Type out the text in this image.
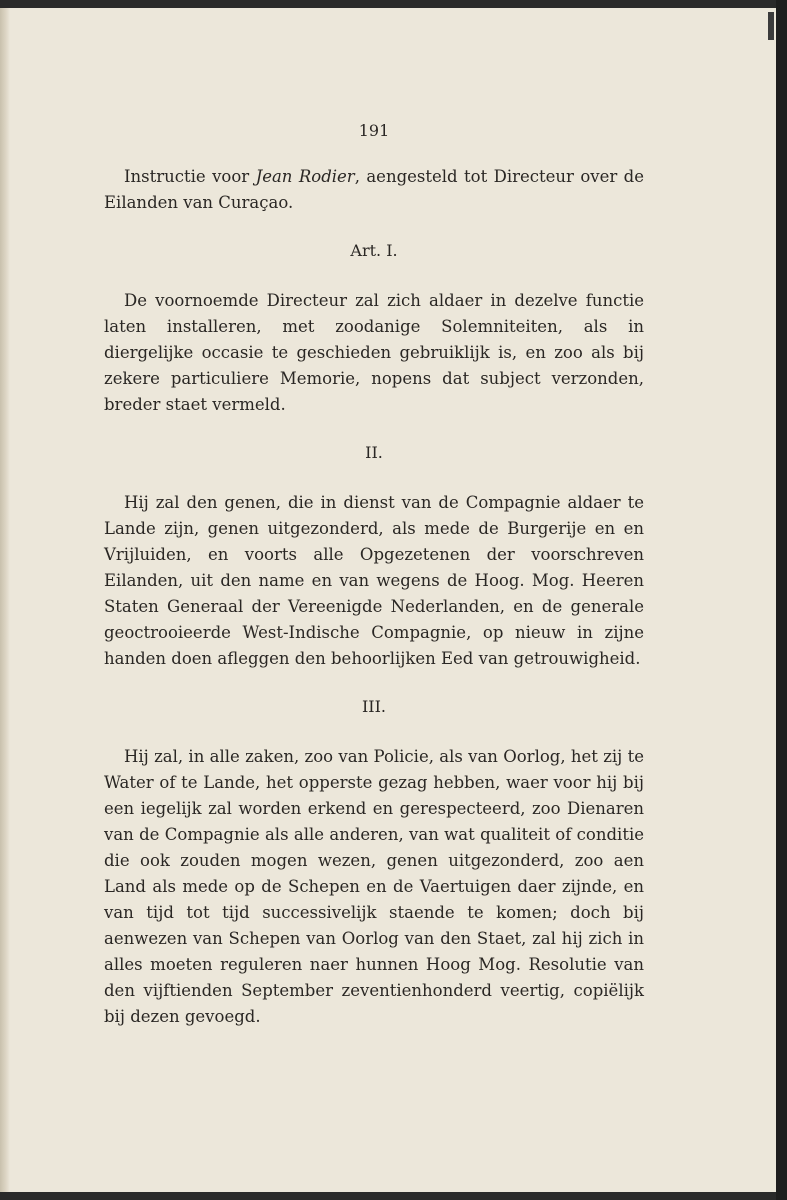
191

Instructie voor Jean Rodier, aengesteld tot Directeur over de Eilanden van Curaçao.

Art. I.

De voornoemde Directeur zal zich aldaer in dezelve functie laten installeren, met zoodanige Solemniteiten, als in diergelijke occasie te geschieden gebruiklijk is, en zoo als bij zekere particuliere Memorie, nopens dat subject verzonden, breder staet vermeld.

II.

Hij zal den genen, die in dienst van de Compagnie aldaer te Lande zijn, genen uitgezonderd, als mede de Burgerije en en Vrijluiden, en voorts alle Opgezetenen der voorschreven Eilanden, uit den name en van wegens de Hoog. Mog. Heeren Staten Generaal der Vereenigde Nederlanden, en de generale geoctrooieerde West-Indische Compagnie, op nieuw in zijne handen doen afleggen den behoorlijken Eed van getrouwigheid.

III.

Hij zal, in alle zaken, zoo van Policie, als van Oorlog, het zij te Water of te Lande, het opperste gezag hebben, waer voor hij bij een iegelijk zal worden erkend en gerespecteerd, zoo Dienaren van de Compagnie als alle anderen, van wat qualiteit of conditie die ook zouden mogen wezen, genen uitgezonderd, zoo aen Land als mede op de Schepen en de Vaertuigen daer zijnde, en van tijd tot tijd successivelijk staende te komen; doch bij aenwezen van Schepen van Oorlog van den Staet, zal hij zich in alles moeten reguleren naer hunnen Hoog Mog. Resolutie van den vijftienden September zeventienhonderd veertig, copiëlijk bij dezen gevoegd.
